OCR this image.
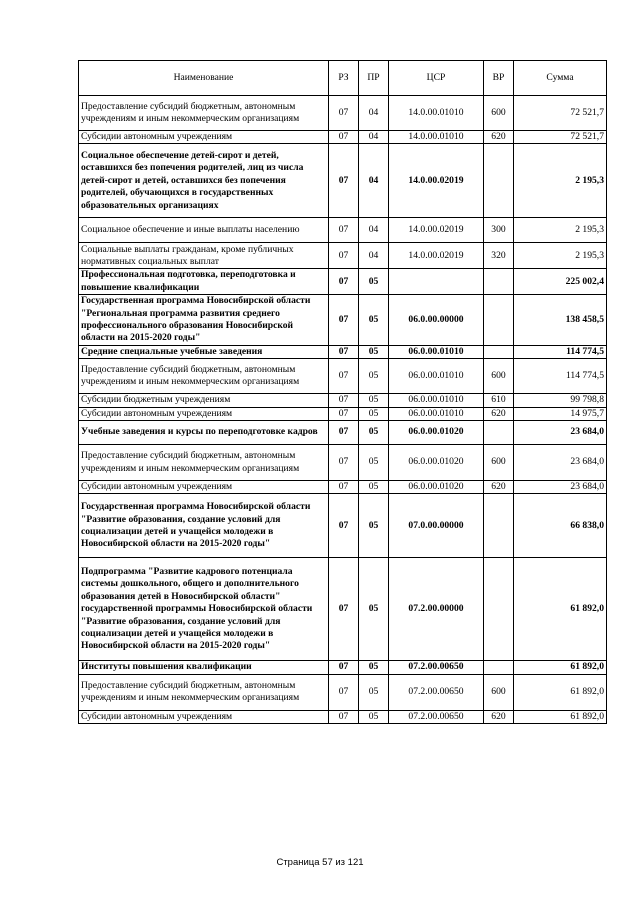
Наименование	РЗ	ПР	ЦСР	ВР	Сумма
Предоставление субсидий бюджетным, автономным учреждениям и иным некоммерческим организациям	07	04	14.0.00.01010	600	72 521,7
Субсидии автономным учреждениям	07	04	14.0.00.01010	620	72 521,7
Социальное обеспечение детей-сирот и детей, оставшихся без попечения родителей, лиц из числа детей-сирот и детей, оставшихся без попечения родителей, обучающихся в государственных образовательных организациях	07	04	14.0.00.02019		2 195,3
Социальное обеспечение и иные выплаты населению	07	04	14.0.00.02019	300	2 195,3
Социальные выплаты гражданам, кроме публичных нормативных социальных выплат	07	04	14.0.00.02019	320	2 195,3
Профессиональная подготовка, переподготовка и повышение квалификации	07	05			225 002,4
Государственная программа Новосибирской области "Региональная программа развития среднего профессионального образования Новосибирской области на 2015-2020 годы"	07	05	06.0.00.00000		138 458,5
Средние специальные учебные заведения	07	05	06.0.00.01010		114 774,5
Предоставление субсидий бюджетным, автономным учреждениям и иным некоммерческим организациям	07	05	06.0.00.01010	600	114 774,5
Субсидии бюджетным учреждениям	07	05	06.0.00.01010	610	99 798,8
Субсидии автономным учреждениям	07	05	06.0.00.01010	620	14 975,7
Учебные заведения и курсы по переподготовке кадров	07	05	06.0.00.01020		23 684,0
Предоставление субсидий бюджетным, автономным учреждениям и иным некоммерческим организациям	07	05	06.0.00.01020	600	23 684,0
Субсидии автономным учреждениям	07	05	06.0.00.01020	620	23 684,0
Государственная программа Новосибирской области "Развитие образования, создание условий для социализации детей и учащейся молодежи в Новосибирской области на 2015-2020 годы"	07	05	07.0.00.00000		66 838,0
Подпрограмма "Развитие кадрового потенциала системы дошкольного, общего и дополнительного образования детей в Новосибирской области" государственной программы Новосибирской области "Развитие образования, создание условий для социализации детей и учащейся молодежи в Новосибирской области на 2015-2020 годы"	07	05	07.2.00.00000		61 892,0
Институты повышения квалификации	07	05	07.2.00.00650		61 892,0
Предоставление субсидий бюджетным, автономным учреждениям и иным некоммерческим организациям	07	05	07.2.00.00650	600	61 892,0
Субсидии автономным учреждениям	07	05	07.2.00.00650	620	61 892,0
Страница 57 из 121
